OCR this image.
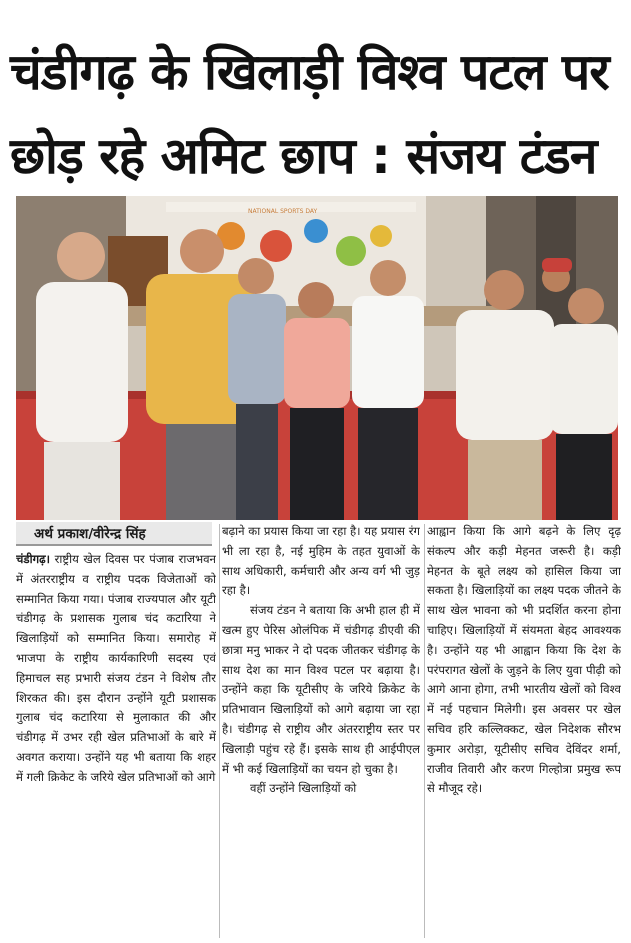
चंडीगढ़ के खिलाड़ी विश्व पटल पर
छोड़ रहे अमिट छाप : संजय टंडन
NATIONAL SPORTS DAY
अर्थ प्रकाश/वीरेन्द्र सिंह

चंडीगढ़। राष्ट्रीय खेल दिवस पर पंजाब राजभवन में अंतरराष्ट्रीय व राष्ट्रीय पदक विजेताओं को सम्मानित किया गया। पंजाब राज्यपाल और यूटी चंडीगढ़ के प्रशासक गुलाब चंद कटारिया ने खिलाड़ियों को सम्मानित किया। समारोह में भाजपा के राष्ट्रीय कार्यकारिणी सदस्य एवं हिमाचल सह प्रभारी संजय टंडन ने विशेष तौर शिरकत की। इस दौरान उन्होंने यूटी प्रशासक गुलाब चंद कटारिया से मुलाकात की और चंडीगढ़ में उभर रही खेल प्रतिभाओं के बारे में अवगत कराया। उन्होंने यह भी बताया कि शहर में गली क्रिकेट के जरिये खेल प्रतिभाओं को आगे

बढ़ाने का प्रयास किया जा रहा है। यह प्रयास रंग भी ला रहा है, नई मुहिम के तहत युवाओं के साथ अधिकारी, कर्मचारी और अन्य वर्ग भी जुड़ रहा है।

संजय टंडन ने बताया कि अभी हाल ही में खत्म हुए पेरिस ओलंपिक में चंडीगढ़ डीएवी की छात्रा मनु भाकर ने दो पदक जीतकर चंडीगढ़ के साथ देश का मान विश्व पटल पर बढ़ाया है। उन्होंने कहा कि यूटीसीए के जरिये क्रिकेट के प्रतिभावान खिलाड़ियों को आगे बढ़ाया जा रहा है। चंडीगढ़ से राष्ट्रीय और अंतरराष्ट्रीय स्तर पर खिलाड़ी पहुंच रहे हैं। इसके साथ ही आईपीएल में भी कई खिलाड़ियों का चयन हो चुका है।

वहीं उन्होंने खिलाड़ियों को

आह्वान किया कि आगे बढ़ने के लिए दृढ़ संकल्प और कड़ी मेहनत जरूरी है। कड़ी मेहनत के बूते लक्ष्य को हासिल किया जा सकता है। खिलाड़ियों का लक्ष्य पदक जीतने के साथ खेल भावना को भी प्रदर्शित करना होना चाहिए। खिलाड़ियों में संयमता बेहद आवश्यक है। उन्होंने यह भी आह्वान किया कि देश के परंपरागत खेलों के जुड़ने के लिए युवा पीढ़ी को आगे आना होगा, तभी भारतीय खेलों को विश्व में नई पहचान मिलेगी। इस अवसर पर खेल सचिव हरि कल्लिक्कट, खेल निदेशक सौरभ कुमार अरोड़ा, यूटीसीए सचिव देविंदर शर्मा, राजीव तिवारी और करण गिल्होत्रा प्रमुख रूप से मौजूद रहे।
